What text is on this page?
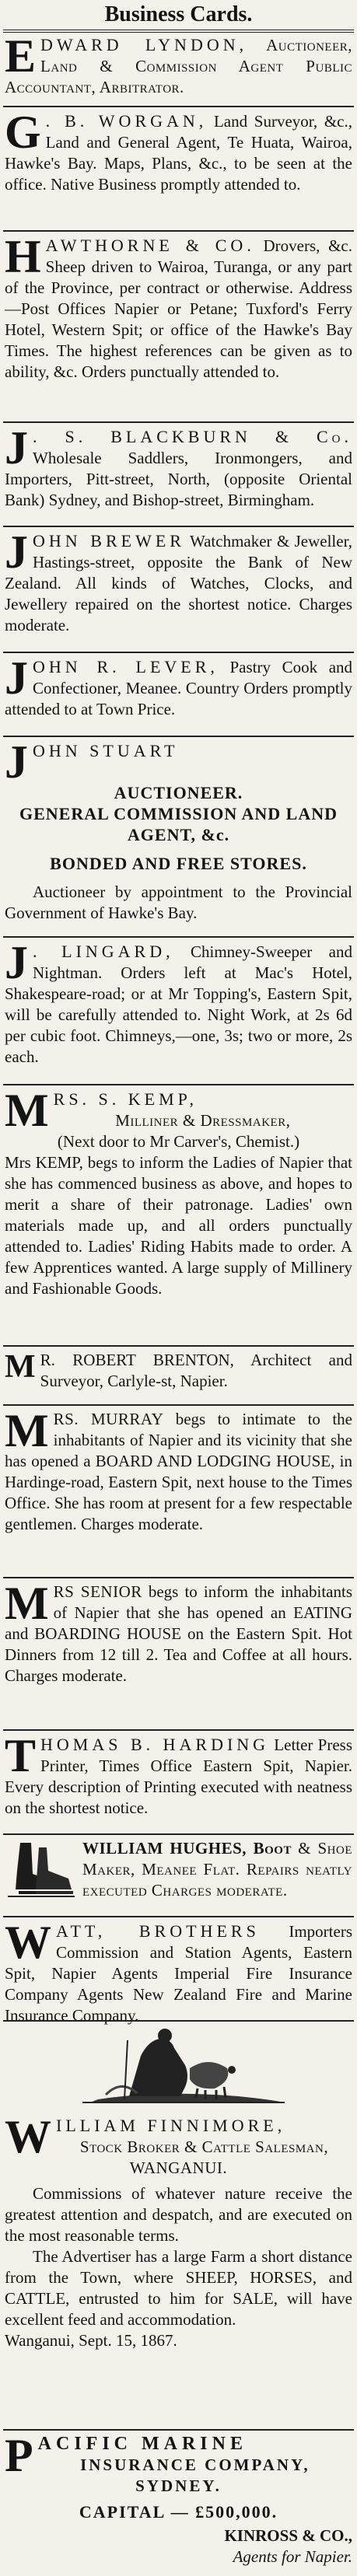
Business Cards.
E DWARD LYNDON, Auctioneer, Land & Commission Agent Public Accountant, Arbitrator.
G . B. WORGAN, Land Surveyor, &c., Land and General Agent, Te Huata, Wairoa, Hawke's Bay. Maps, Plans, &c., to be seen at the office. Native Business promptly attended to.
H AWTHORNE & CO. Drovers, &c. Sheep driven to Wairoa, Turanga, or any part of the Province, per contract or otherwise. Address—Post Offices Napier or Petane; Tuxford's Ferry Hotel, Western Spit; or office of the Hawke's Bay Times. The highest references can be given as to ability, &c. Orders punctually attended to.
J . S. BLACKBURN & Co. Wholesale Saddlers, Ironmongers, and Importers, Pitt-street, North, (opposite Oriental Bank) Sydney, and Bishop-street, Birmingham.
J OHN BREWER Watchmaker & Jeweller, Hastings-street, opposite the Bank of New Zealand. All kinds of Watches, Clocks, and Jewellery repaired on the shortest notice. Charges moderate.
J OHN R. LEVER, Pastry Cook and Confectioner, Meanee. Country Orders promptly attended to at Town Price.
J OHN STUART

AUCTIONEER.

GENERAL COMMISSION AND LAND AGENT, &c.

BONDED AND FREE STORES.

Auctioneer by appointment to the Provincial Government of Hawke's Bay.

J . LINGARD, Chimney-Sweeper and Nightman. Orders left at Mac's Hotel, Shakespeare-road; or at Mr Topping's, Eastern Spit, will be carefully attended to. Night Work, at 2s 6d per cubic foot. Chimneys,—one, 3s; two or more, 2s each.
M RS. S. KEMP,

Milliner & Dressmaker,

(Next door to Mr Carver's, Chemist.)

Mrs KEMP, begs to inform the Ladies of Napier that she has commenced business as above, and hopes to merit a share of their patronage. Ladies' own materials made up, and all orders punctually attended to. Ladies' Riding Habits made to order. A few Apprentices wanted. A large supply of Millinery and Fashionable Goods.

M R. ROBERT BRENTON, Architect and Surveyor, Carlyle-st, Napier.
M RS. MURRAY begs to intimate to the inhabitants of Napier and its vicinity that she has opened a BOARD AND LODGING HOUSE, in Hardinge-road, Eastern Spit, next house to the Times Office. She has room at present for a few respectable gentlemen. Charges moderate.
M RS SENIOR begs to inform the inhabitants of Napier that she has opened an EATING and BOARDING HOUSE on the Eastern Spit. Hot Dinners from 12 till 2. Tea and Coffee at all hours. Charges moderate.
T HOMAS B. HARDING Letter Press Printer, Times Office Eastern Spit, Napier. Every description of Printing executed with neatness on the shortest notice.
WILLIAM HUGHES, Boot & Shoe Maker, Meanee Flat. Repairs neatly executed Charges moderate.
W ATT, BROTHERS Importers Commission and Station Agents, Eastern Spit, Napier Agents Imperial Fire Insurance Company Agents New Zealand Fire and Marine Insurance Company.
W ILLIAM FINNIMORE,

Stock Broker & Cattle Salesman,

WANGANUI.

Commissions of whatever nature receive the greatest attention and despatch, and are executed on the most reasonable terms.

The Advertiser has a large Farm a short distance from the Town, where SHEEP, HORSES, and CATTLE, entrusted to him for SALE, will have excellent feed and accommodation.

Wanganui, Sept. 15, 1867.

P ACIFIC MARINE

INSURANCE COMPANY,

SYDNEY.

CAPITAL — £500,000.

KINROSS & CO.,

Agents for Napier.
